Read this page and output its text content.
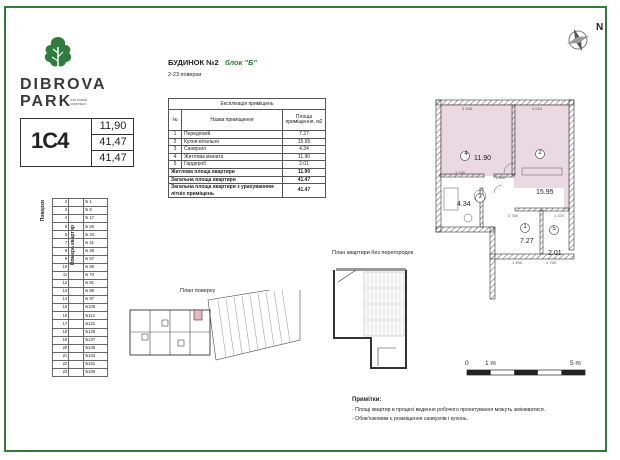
DIBROVA
PARK
ЖИТЛОВИЙ КОМПЛЕКС
1C4
11,90
41,47
41,47
БУДИНОК №2 блок "Б"
2-23 поверхи
Експлікація приміщень		
№	Назва приміщення	Площа приміщення, м2
1	Передпокій	7.27
2	Кухня-вітальня	15.95
3	Санвузол	4.34
4	Житлова кімната	11.90
5	Гардероб	2.01
Житлова площа квартири		11.90
Загальна площа квартири		41.47
Загальна площа квартири з урахуванням літніх приміщень		41.47
Поверхи
Номера квартир
2		Б 1
3		Б 9
4		Б 17
5		Б 25
6		Б 33
7		Б 41
8		Б 49
9		Б 57
10		Б 65
11		Б 73
12		Б 81
13		Б 89
14		Б 97
15		Б105
16		Б113
17		Б121
18		Б129
19		Б137
20		Б145
21		Б153
22		Б161
23		Б169
План поверху
План квартири без перегородок
N
4
11.90
2
15.95
3
4.34
1
7.27
5
2.01
3 165	3 010
2 185
1 650
2 750	1 370
1 490	1 750
0	1 m	5 m
Примітки:
- Площі квартир в процесі ведення робочого проектування можуть змінюватися.
- Обов'язковим є розміщення санвузлів і кухонь.
